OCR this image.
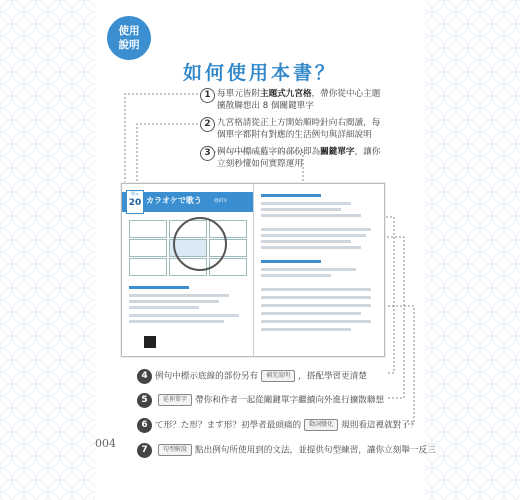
使用
說明
如何使用本書？
1 每單元皆附主題式九宮格，帶你從中心主題
擴散聯想出 8 個關鍵單字
2 九宮格請從正上方開始順時針向右閱讀，每
個單字都附有對應的生活例句與詳細說明
3 例句中標成藍字的部份即為關鍵單字，讓你
立刻秒懂如何實際運用
單元
20 カラオケで歌う	唱KTV
4 例句中標示底線的部份另有 補充說明 ，搭配學習更清楚
5	延伸單字 帶你和作者一起從關鍵單字繼續向外進行擴散聯想
6 て形？た形？ます形？初學者最頭痛的 動詞變化 規則看這裡就對了！
7	句型解說 點出例句所使用到的文法，並提供句型練習，讓你立刻舉一反三
004
